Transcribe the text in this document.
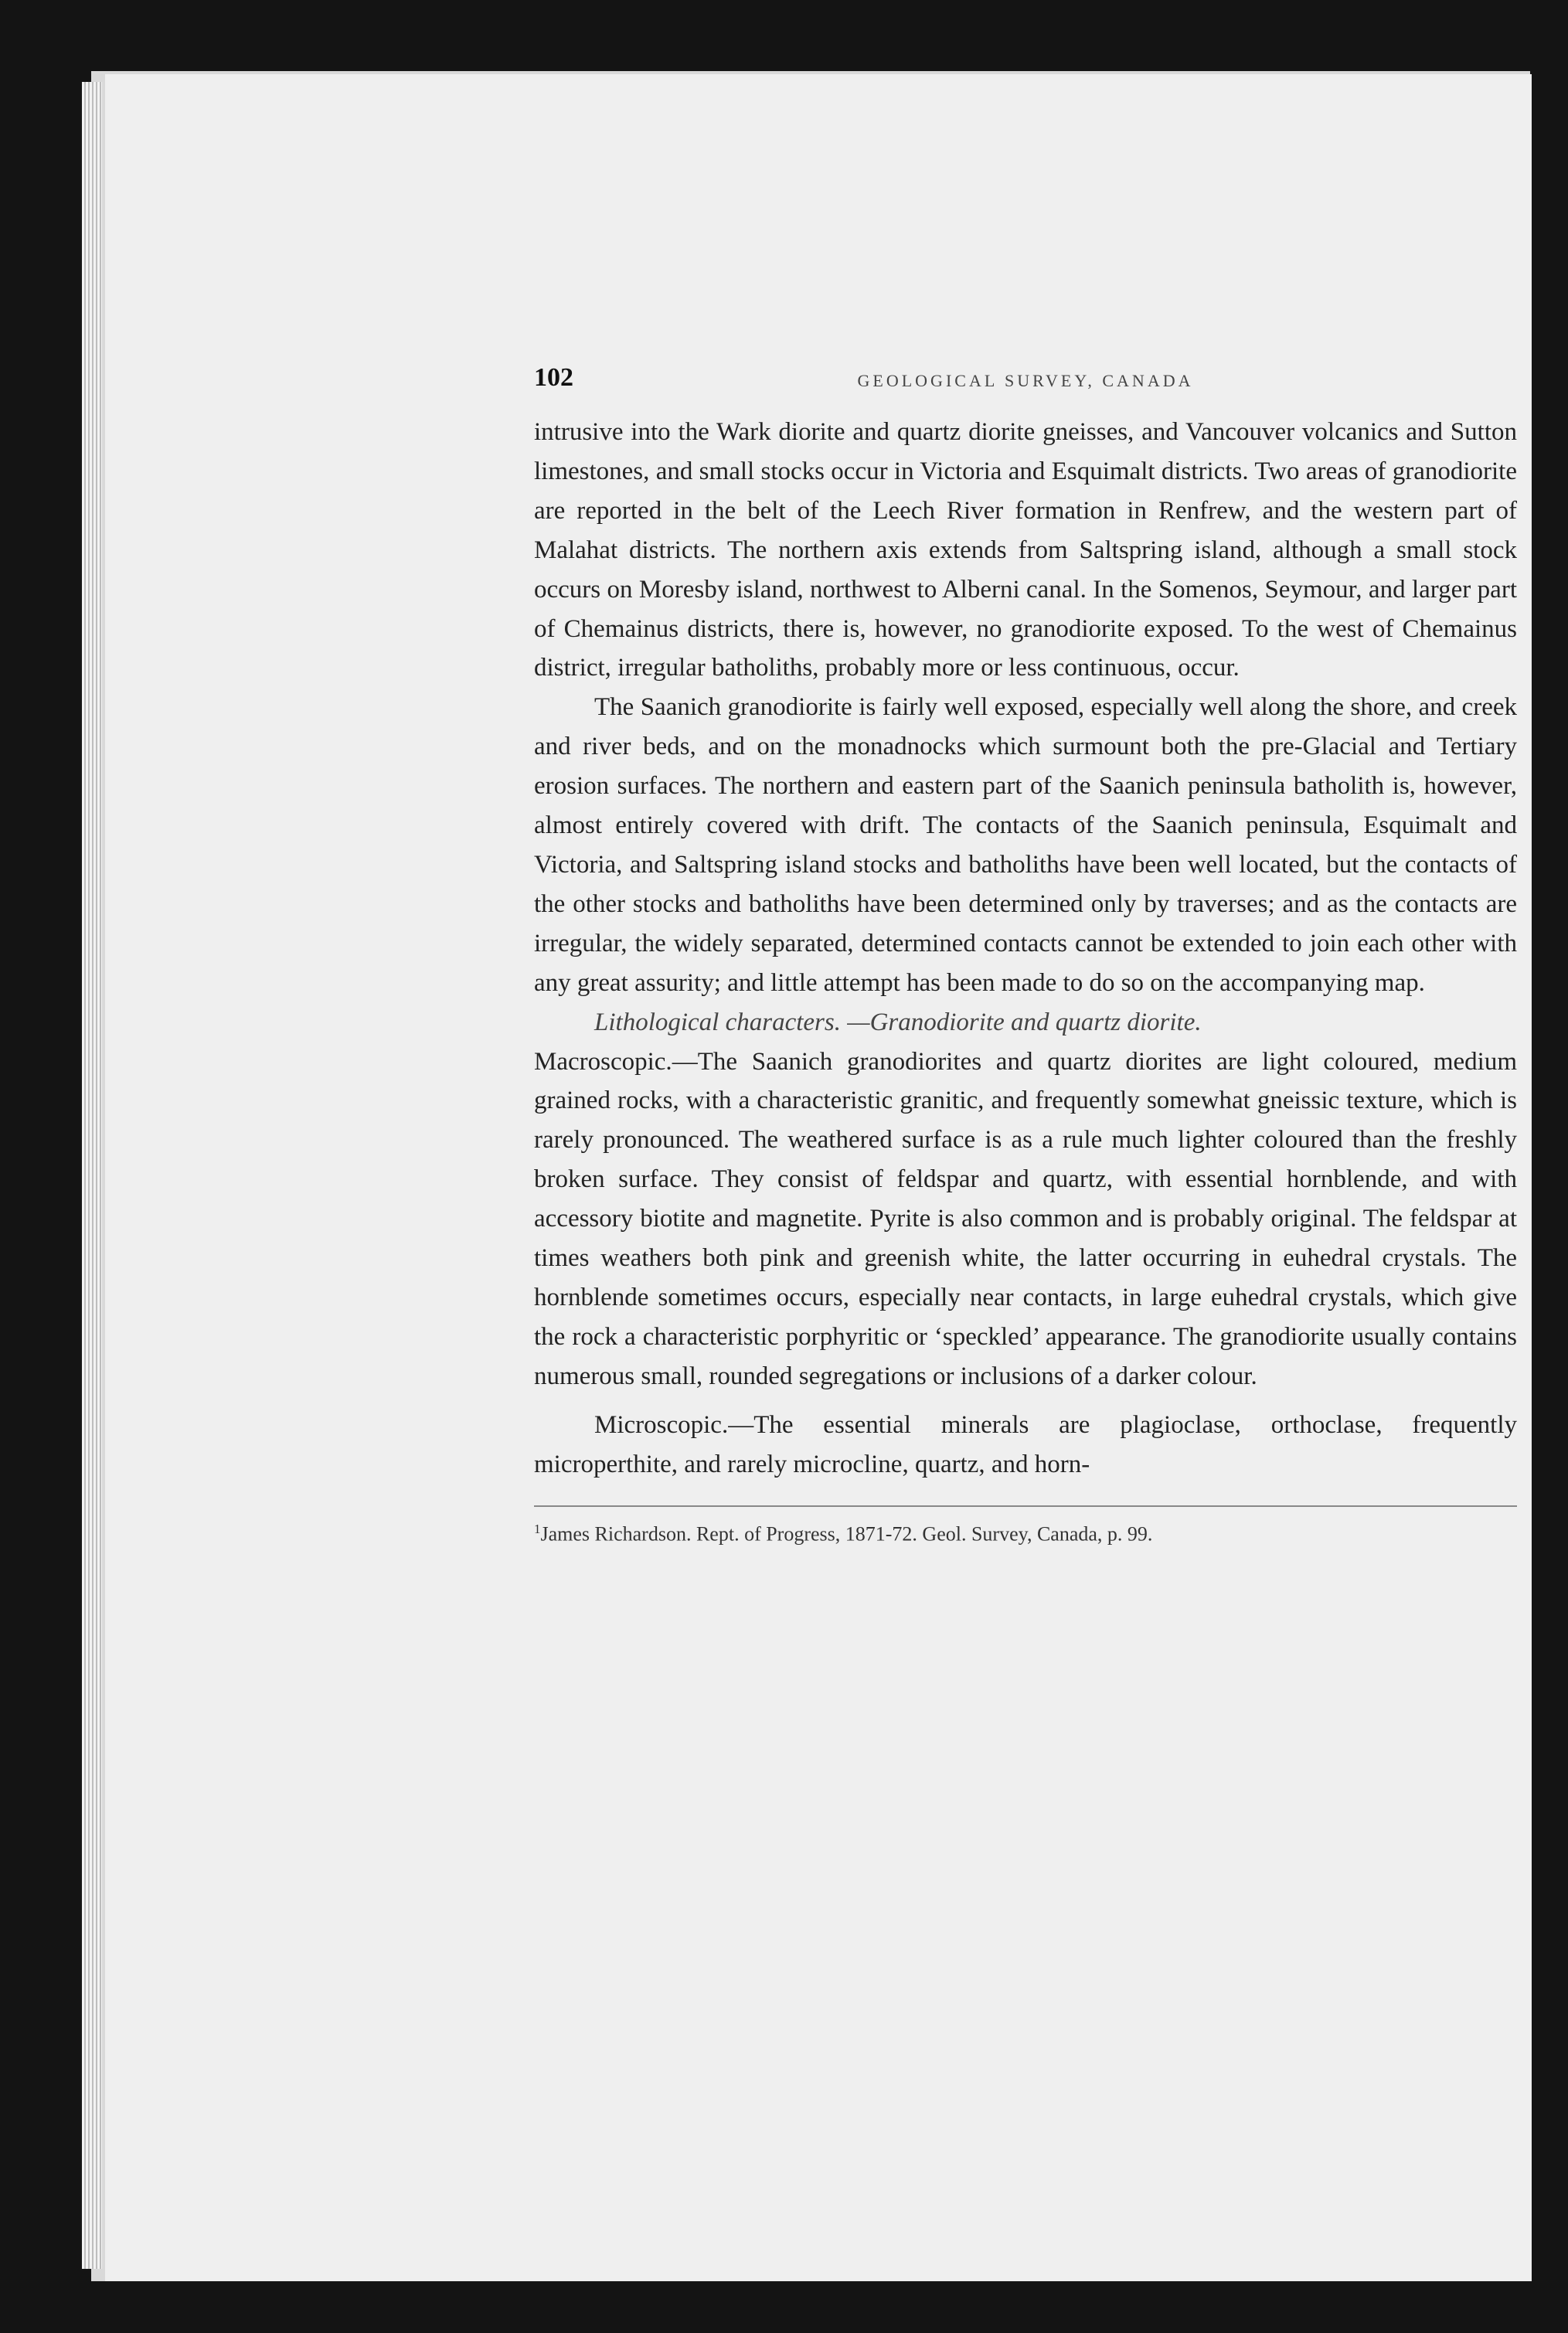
102	GEOLOGICAL SURVEY, CANADA

intrusive into the Wark diorite and quartz diorite gneisses, and Vancouver volcanics and Sutton limestones, and small stocks occur in Victoria and Esquimalt districts. Two areas of granodiorite are reported in the belt of the Leech River formation in Renfrew, and the western part of Malahat districts. The northern axis extends from Saltspring island, although a small stock occurs on Moresby island, northwest to Alberni canal. In the Somenos, Seymour, and larger part of Chemainus districts, there is, however, no granodiorite exposed. To the west of Chemainus district, irregular batholiths, probably more or less continuous, occur.

The Saanich granodiorite is fairly well exposed, especially well along the shore, and creek and river beds, and on the monadnocks which surmount both the pre-Glacial and Tertiary erosion surfaces. The northern and eastern part of the Saanich peninsula batholith is, however, almost entirely covered with drift. The contacts of the Saanich peninsula, Esquimalt and Victoria, and Saltspring island stocks and batholiths have been well located, but the contacts of the other stocks and batholiths have been determined only by traverses; and as the contacts are irregular, the widely separated, determined contacts cannot be extended to join each other with any great assurity; and little attempt has been made to do so on the accompanying map.

Lithological characters. —Granodiorite and quartz diorite.

Macroscopic.—The Saanich granodiorites and quartz diorites are light coloured, medium grained rocks, with a characteristic granitic, and frequently somewhat gneissic texture, which is rarely pronounced. The weathered surface is as a rule much lighter coloured than the freshly broken surface. They consist of feldspar and quartz, with essential hornblende, and with accessory biotite and magnetite. Pyrite is also common and is probably original. The feldspar at times weathers both pink and greenish white, the latter occurring in euhedral crystals. The hornblende sometimes occurs, especially near contacts, in large euhedral crystals, which give the rock a characteristic porphyritic or ‘speckled’ appearance. The granodiorite usually contains numerous small, rounded segregations or inclusions of a darker colour.

Microscopic.—The essential minerals are plagioclase, orthoclase, frequently microperthite, and rarely microcline, quartz, and horn-

$^1$James Richardson. Rept. of Progress, 1871-72. Geol. Survey, Canada, p. 99.
